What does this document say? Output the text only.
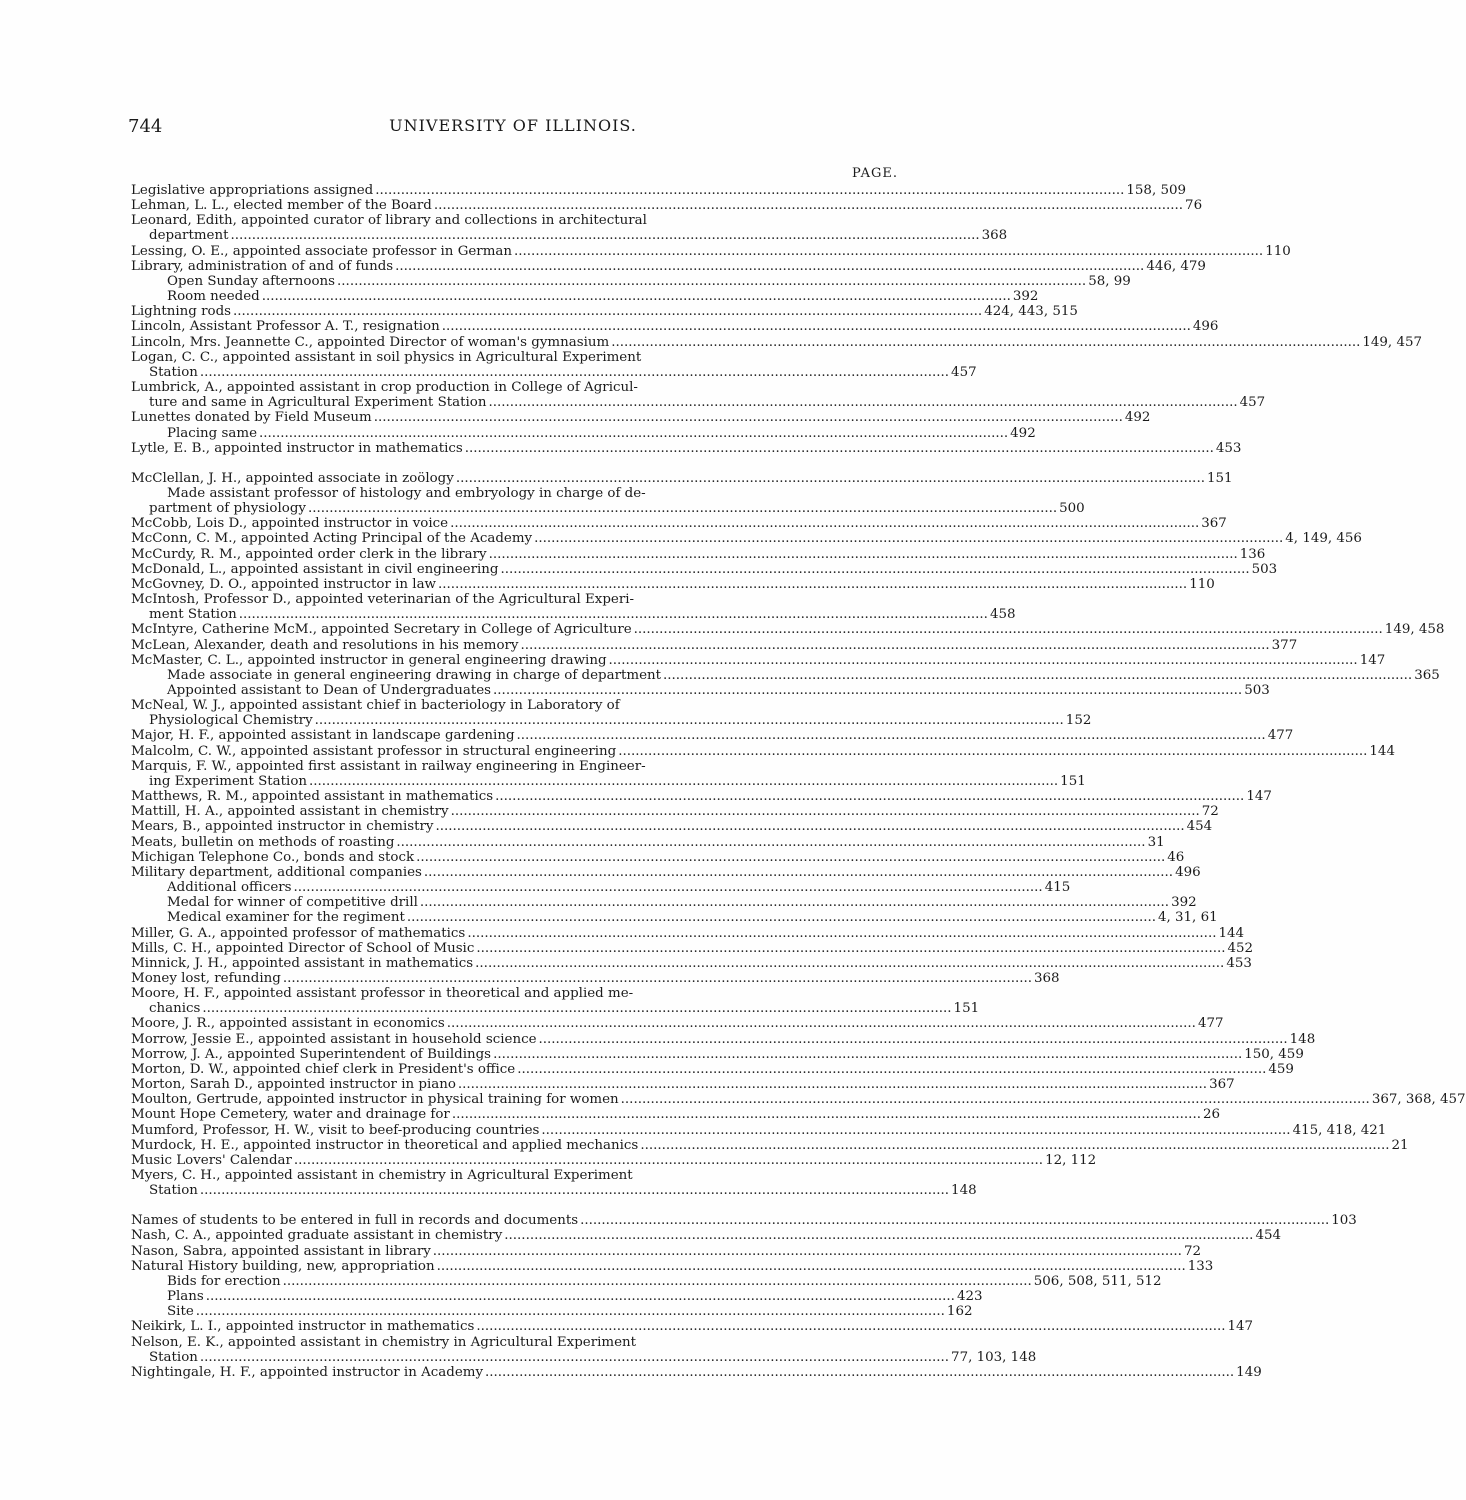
744	UNIVERSITY OF ILLINOIS.
PAGE.
Legislative appropriations assigned .....	158, 509
Lehman, L. L., elected member of the Board .....	76
Leonard, Edith, appointed curator of library and collections in architectural
department .....	368
Lessing, O. E., appointed associate professor in German .....	110
Library, administration of and of funds .....	446, 479
Open Sunday afternoons .....	58, 99
Room needed .....	392
Lightning rods .....	424, 443, 515
Lincoln, Assistant Professor A. T., resignation .....	496
Lincoln, Mrs. Jeannette C., appointed Director of woman's gymnasium .....	149, 457
Logan, C. C., appointed assistant in soil physics in Agricultural Experiment
Station .....	457
Lumbrick, A., appointed assistant in crop production in College of Agricul-
ture and same in Agricultural Experiment Station .....	457
Lunettes donated by Field Museum .....	492
Placing same .....	492
Lytle, E. B., appointed instructor in mathematics .....	453
McClellan, J. H., appointed associate in zoölogy .....	151
Made assistant professor of histology and embryology in charge of de-
partment of physiology .....	500
McCobb, Lois D., appointed instructor in voice .....	367
McConn, C. M., appointed Acting Principal of the Academy .....	4, 149, 456
McCurdy, R. M., appointed order clerk in the library .....	136
McDonald, L., appointed assistant in civil engineering .....	503
McGovney, D. O., appointed instructor in law .....	110
McIntosh, Professor D., appointed veterinarian of the Agricultural Experi-
ment Station .....	458
McIntyre, Catherine McM., appointed Secretary in College of Agriculture .....	149, 458
McLean, Alexander, death and resolutions in his memory .....	377
McMaster, C. L., appointed instructor in general engineering drawing .....	147
Made associate in general engineering drawing in charge of department .....	365
Appointed assistant to Dean of Undergraduates .....	503
McNeal, W. J., appointed assistant chief in bacteriology in Laboratory of
Physiological Chemistry .....	152
Major, H. F., appointed assistant in landscape gardening .....	477
Malcolm, C. W., appointed assistant professor in structural engineering .....	144
Marquis, F. W., appointed first assistant in railway engineering in Engineer-
ing Experiment Station .....	151
Matthews, R. M., appointed assistant in mathematics .....	147
Mattill, H. A., appointed assistant in chemistry .....	72
Mears, B., appointed instructor in chemistry .....	454
Meats, bulletin on methods of roasting .....	31
Michigan Telephone Co., bonds and stock .....	46
Military department, additional companies .....	496
Additional officers .....	415
Medal for winner of competitive drill .....	392
Medical examiner for the regiment .....	4, 31, 61
Miller, G. A., appointed professor of mathematics .....	144
Mills, C. H., appointed Director of School of Music .....	452
Minnick, J. H., appointed assistant in mathematics .....	453
Money lost, refunding .....	368
Moore, H. F., appointed assistant professor in theoretical and applied me-
chanics .....	151
Moore, J. R., appointed assistant in economics .....	477
Morrow, Jessie E., appointed assistant in household science .....	148
Morrow, J. A., appointed Superintendent of Buildings .....	150, 459
Morton, D. W., appointed chief clerk in President's office .....	459
Morton, Sarah D., appointed instructor in piano .....	367
Moulton, Gertrude, appointed instructor in physical training for women .....	367, 368, 457
Mount Hope Cemetery, water and drainage for .....	26
Mumford, Professor, H. W., visit to beef-producing countries .....	415, 418, 421
Murdock, H. E., appointed instructor in theoretical and applied mechanics .....	21
Music Lovers' Calendar .....	12, 112
Myers, C. H., appointed assistant in chemistry in Agricultural Experiment
Station .....	148
Names of students to be entered in full in records and documents .....	103
Nash, C. A., appointed graduate assistant in chemistry .....	454
Nason, Sabra, appointed assistant in library .....	72
Natural History building, new, appropriation .....	133
Bids for erection .....	506, 508, 511, 512
Plans .....	423
Site .....	162
Neikirk, L. I., appointed instructor in mathematics .....	147
Nelson, E. K., appointed assistant in chemistry in Agricultural Experiment
Station .....	77, 103, 148
Nightingale, H. F., appointed instructor in Academy .....	149
